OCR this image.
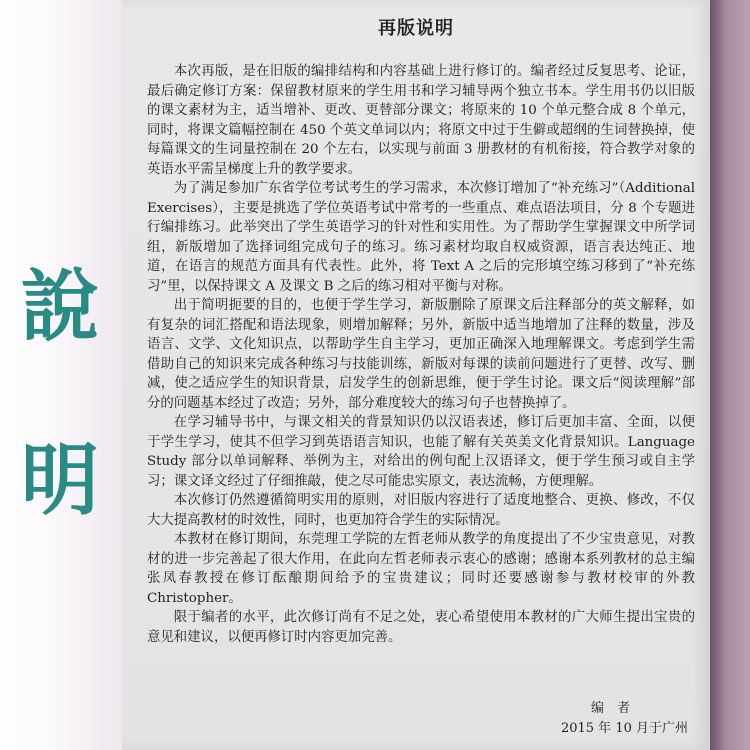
說
明
再版说明

本次再版，是在旧版的编排结构和内容基础上进行修订的。编者经过反复思考、论证，最后确定修订方案：保留教材原来的学生用书和学习辅导两个独立书本。学生用书仍以旧版的课文素材为主，适当增补、更改、更替部分课文；将原来的 10 个单元整合成 8 个单元，同时，将课文篇幅控制在 450 个英文单词以内；将原文中过于生僻或超纲的生词替换掉，使每篇课文的生词量控制在 20 个左右，以实现与前面 3 册教材的有机衔接，符合教学对象的英语水平需呈梯度上升的教学要求。

为了满足参加广东省学位考试考生的学习需求，本次修订增加了“补充练习”（Additional Exercises），主要是挑选了学位英语考试中常考的一些重点、难点语法项目，分 8 个专题进行编排练习。此举突出了学生英语学习的针对性和实用性。为了帮助学生掌握课文中所学词组，新版增加了选择词组完成句子的练习。练习素材均取自权威资源，语言表达纯正、地道，在语言的规范方面具有代表性。此外，将 Text A 之后的完形填空练习移到了“补充练习”里，以保持课文 A 及课文 B 之后的练习相对平衡与对称。

出于简明扼要的目的，也便于学生学习，新版删除了原课文后注释部分的英文解释，如有复杂的词汇搭配和语法现象，则增加解释；另外，新版中适当地增加了注释的数量，涉及语言、文学、文化知识点，以帮助学生自主学习，更加正确深入地理解课文。考虑到学生需借助自己的知识来完成各种练习与技能训练，新版对每课的读前问题进行了更替、改写、删减，使之适应学生的知识背景，启发学生的创新思维，便于学生讨论。课文后“阅读理解”部分的问题基本经过了改造；另外，部分难度较大的练习句子也替换掉了。

在学习辅导书中，与课文相关的背景知识仍以汉语表述，修订后更加丰富、全面，以便于学生学习，使其不但学习到英语语言知识，也能了解有关英美文化背景知识。Language Study 部分以单词解释、举例为主，对给出的例句配上汉语译文，便于学生预习或自主学习；课文译文经过了仔细推敲，使之尽可能忠实原文，表达流畅，方便理解。

本次修订仍然遵循简明实用的原则，对旧版内容进行了适度地整合、更换、修改，不仅大大提高教材的时效性，同时，也更加符合学生的实际情况。

本教材在修订期间，东莞理工学院的左哲老师从教学的角度提出了不少宝贵意见，对教材的进一步完善起了很大作用，在此向左哲老师表示衷心的感谢；感谢本系列教材的总主编张凤春教授在修订酝酿期间给予的宝贵建议；同时还要感谢参与教材校审的外教 Christopher。

限于编者的水平，此次修订尚有不足之处，衷心希望使用本教材的广大师生提出宝贵的意见和建议，以便再修订时内容更加完善。

编　者
2015 年 10 月于广州
